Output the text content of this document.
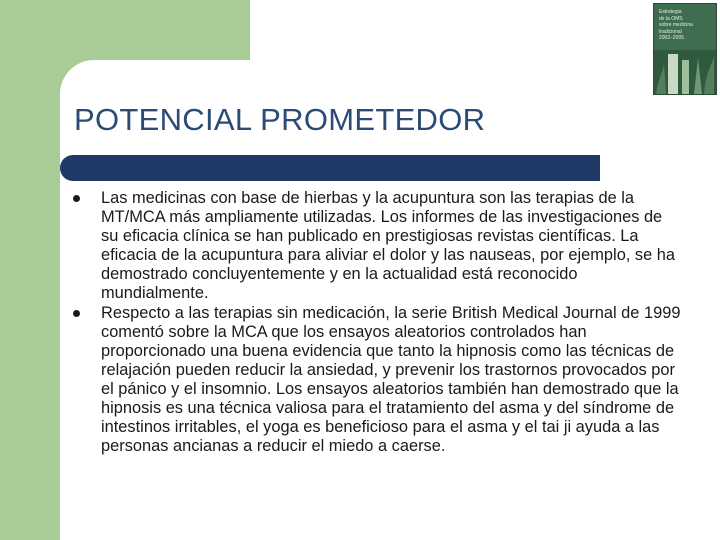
Estrategia
de la OMS
sobre medicina
tradicional
2002–2005
POTENCIAL PROMETEDOR
Las medicinas con base de hierbas y la acupuntura son las terapias de la MT/MCA más ampliamente utilizadas. Los informes de las investigaciones de su eficacia clínica se han publicado en prestigiosas revistas científicas. La eficacia de la acupuntura para aliviar el dolor y las nauseas, por ejemplo, se ha demostrado concluyentemente y en la actualidad está reconocido mundialmente.
Respecto a las terapias sin medicación, la serie British Medical Journal de 1999 comentó sobre la MCA que los ensayos aleatorios controlados han proporcionado una buena evidencia que tanto la hipnosis como las técnicas de relajación pueden reducir la ansiedad, y prevenir los trastornos provocados por el pánico y el insomnio. Los ensayos aleatorios también han demostrado que la hipnosis es una técnica valiosa para el tratamiento del asma y del síndrome de intestinos irritables, el yoga es beneficioso para el asma y el tai ji ayuda a las personas ancianas a reducir el miedo a caerse.
